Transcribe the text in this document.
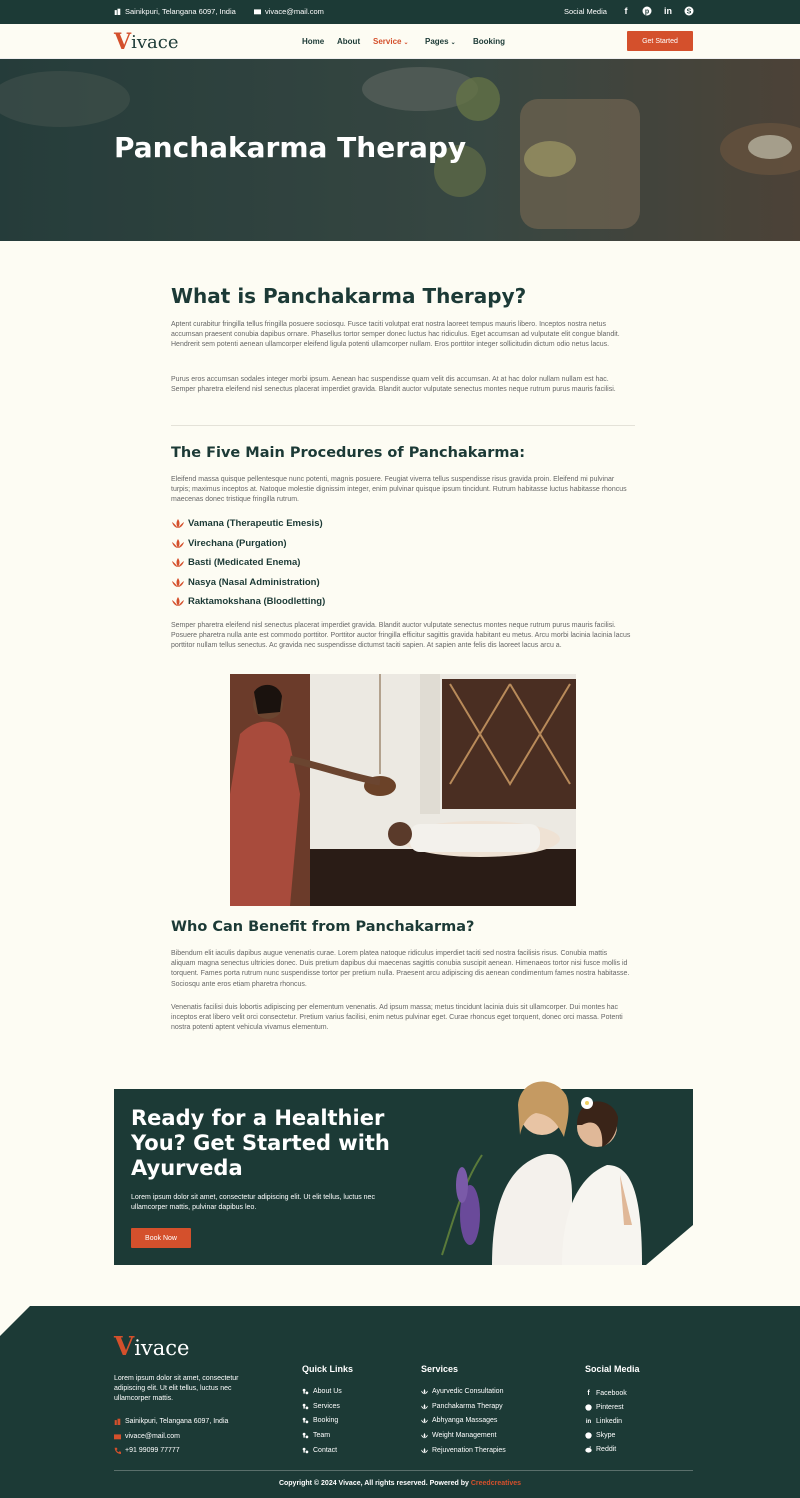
Sainikpuri, Telangana 6097, India	vivace@mail.com	Social Media	f	p in S
V ivace	Home About Service ⌄ Pages ⌄ Booking	Get Started
Panchakarma Therapy
What is Panchakarma Therapy?
Aptent curabitur fringilla tellus fringilla posuere sociosqu. Fusce taciti volutpat erat nostra laoreet tempus mauris libero. Inceptos nostra netus accumsan praesent conubia dapibus ornare. Phasellus tortor semper donec luctus hac ridiculus. Eget accumsan ad vulputate elit congue blandit. Hendrerit sem potenti aenean ullamcorper eleifend ligula potenti ullamcorper nullam. Eros porttitor integer sollicitudin dictum odio netus lacus.
Purus eros accumsan sodales integer morbi ipsum. Aenean hac suspendisse quam velit dis accumsan. At at hac dolor nullam nullam est hac. Semper pharetra eleifend nisl senectus placerat imperdiet gravida. Blandit auctor vulputate senectus montes neque rutrum purus mauris facilisi.
The Five Main Procedures of Panchakarma:
Eleifend massa quisque pellentesque nunc potenti, magnis posuere. Feugiat viverra tellus suspendisse risus gravida proin. Eleifend mi pulvinar turpis; maximus inceptos at. Natoque molestie dignissim integer, enim pulvinar quisque ipsum tincidunt. Rutrum habitasse luctus habitasse rhoncus maecenas donec tristique fringilla rutrum.
Vamana (Therapeutic Emesis)
Virechana (Purgation)
Basti (Medicated Enema)
Nasya (Nasal Administration)
Raktamokshana (Bloodletting)
Semper pharetra eleifend nisl senectus placerat imperdiet gravida. Blandit auctor vulputate senectus montes neque rutrum purus mauris facilisi. Posuere pharetra nulla ante est commodo porttitor. Porttitor auctor fringilla efficitur sagittis gravida habitant eu metus. Arcu morbi lacinia lacinia lacus porttitor nullam tellus senectus. Ac gravida nec suspendisse dictumst taciti sapien. At sapien ante felis dis laoreet lacus arcu a.
Who Can Benefit from Panchakarma?
Bibendum elit iaculis dapibus augue venenatis curae. Lorem platea natoque ridiculus imperdiet taciti sed nostra facilisis risus. Conubia mattis aliquam magna senectus ultricies donec. Duis pretium dapibus dui maecenas sagittis conubia suscipit aenean. Himenaeos tortor nisi fusce mollis id torquent. Fames porta rutrum nunc suspendisse tortor per pretium nulla. Praesent arcu adipiscing dis aenean condimentum fames nostra habitasse. Sociosqu ante eros etiam pharetra rhoncus.
Venenatis facilisi duis lobortis adipiscing per elementum venenatis. Ad ipsum massa; metus tincidunt lacinia duis sit ullamcorper. Dui montes hac inceptos erat libero velit orci consectetur. Pretium varius facilisi, enim netus pulvinar eget. Curae rhoncus eget torquent, donec orci massa. Potenti nostra potenti aptent vehicula vivamus elementum.
Ready for a Healthier You? Get Started with Ayurveda

Lorem ipsum dolor sit amet, consectetur adipiscing elit. Ut elit tellus, luctus nec ullamcorper mattis, pulvinar dapibus leo.

Book Now
V ivace
Lorem ipsum dolor sit amet, consectetur adipiscing elit. Ut elit tellus, luctus nec ullamcorper mattis.
Sainikpuri, Telangana 6097, India
vivace@mail.com
+91 99099 77777
Quick Links
About Us
Services
Booking
Team
Contact
Services
Ayurvedic Consultation
Panchakarma Therapy
Abhyanga Massages
Weight Management
Rejuvenation Therapies
Social Media
f Facebook
Pinterest
in Linkedin
Skype
Reddit
Copyright © 2024 Vivace, All rights reserved. Powered by Creedcreatives
